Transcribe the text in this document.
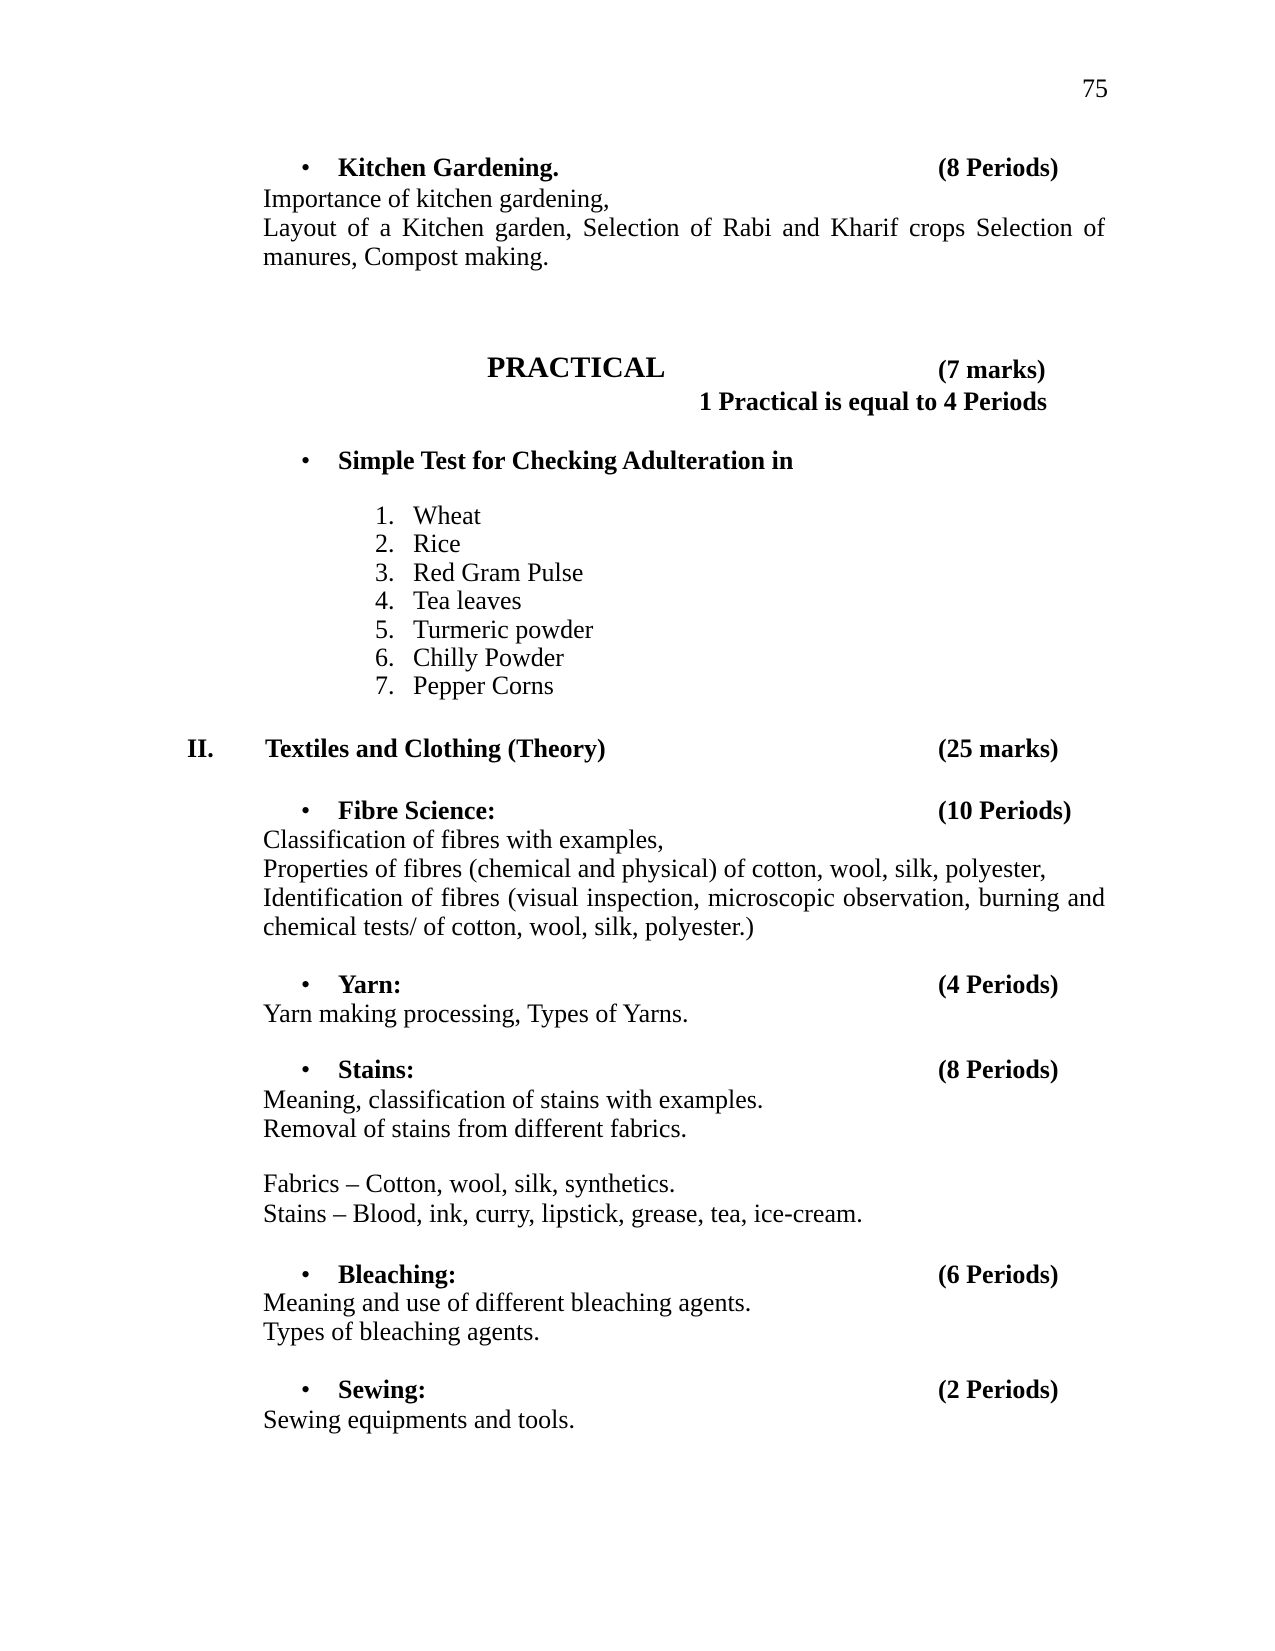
75
• Kitchen Gardening.	(8 Periods)
Importance of kitchen gardening,
Layout of a Kitchen garden, Selection of Rabi and Kharif crops Selection of
manures, Compost making.
PRACTICAL	(7 marks)
1 Practical is equal to 4 Periods
• Simple Test for Checking Adulteration in
1. Wheat
2. Rice
3. Red Gram Pulse
4. Tea leaves
5. Turmeric powder
6. Chilly Powder
7. Pepper Corns
II. Textiles and Clothing (Theory)	(25 marks)
• Fibre Science:	(10 Periods)
Classification of fibres with examples,
Properties of fibres (chemical and physical) of cotton, wool, silk, polyester,
Identification of fibres (visual inspection, microscopic observation, burning and
chemical tests/ of cotton, wool, silk, polyester.)
• Yarn:	(4 Periods)
Yarn making processing, Types of Yarns.
• Stains:	(8 Periods)
Meaning, classification of stains with examples.
Removal of stains from different fabrics.
Fabrics – Cotton, wool, silk, synthetics.
Stains – Blood, ink, curry, lipstick, grease, tea, ice-cream.
• Bleaching:	(6 Periods)
Meaning and use of different bleaching agents.
Types of bleaching agents.
• Sewing:	(2 Periods)
Sewing equipments and tools.
